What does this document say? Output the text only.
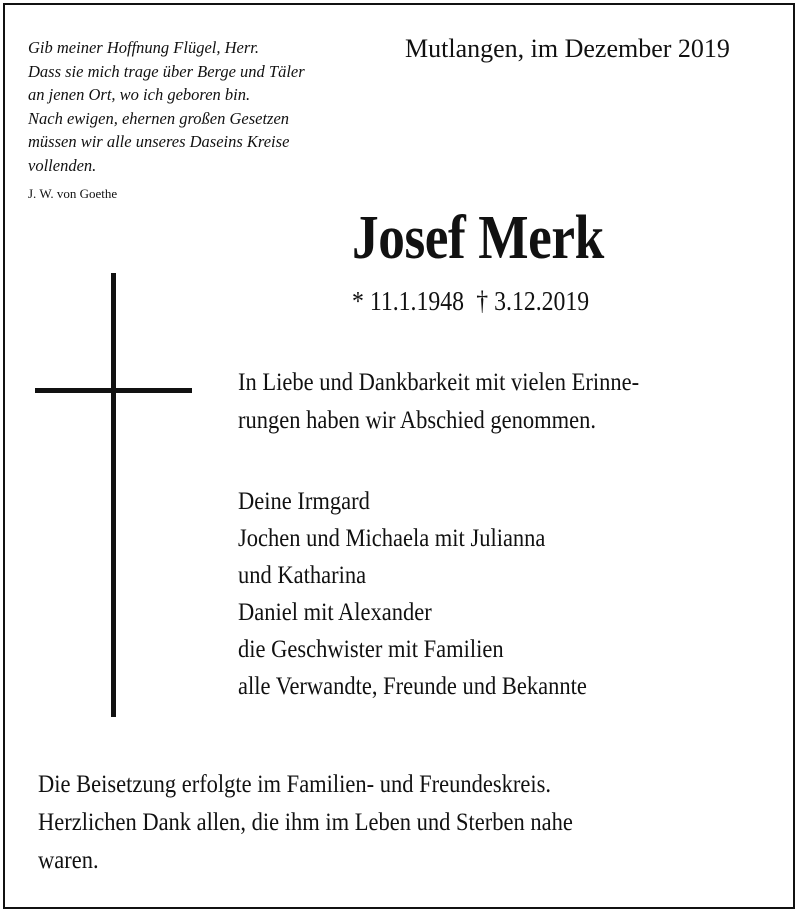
Gib meiner Hoffnung Flügel, Herr.
Dass sie mich trage über Berge und Täler
an jenen Ort, wo ich geboren bin.
Nach ewigen, ehernen großen Gesetzen
müssen wir alle unseres Daseins Kreise
vollenden.
J. W. von Goethe
Mutlangen, im Dezember 2019
Josef Merk
* 11.1.1948 † 3.12.2019
In Liebe und Dankbarkeit mit vielen Erinne-
rungen haben wir Abschied genommen.
Deine Irmgard
Jochen und Michaela mit Julianna
und Katharina
Daniel mit Alexander
die Geschwister mit Familien
alle Verwandte, Freunde und Bekannte
Die Beisetzung erfolgte im Familien- und Freundeskreis.
Herzlichen Dank allen, die ihm im Leben und Sterben nahe
waren.
